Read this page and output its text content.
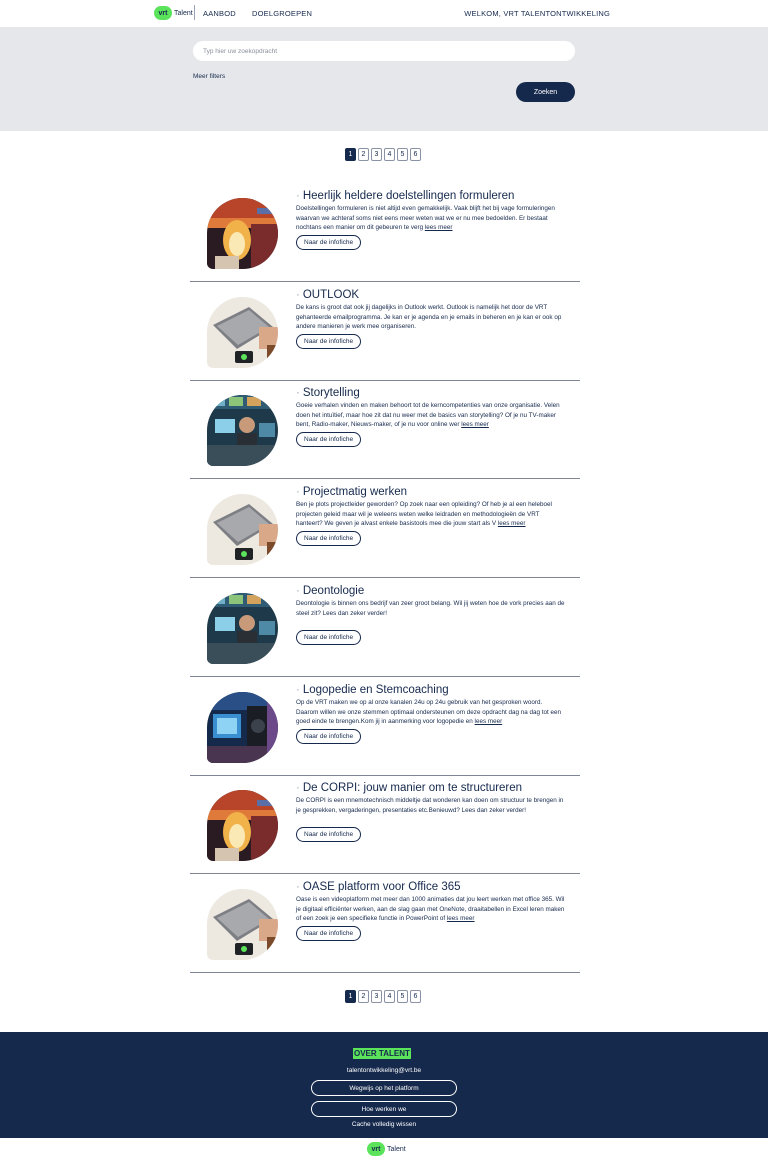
vrt Talent AANBOD DOELGROEPEN	WELKOM, VRT TALENTONTWIKKELING
Typ hier uw zoekopdracht
Meer filters
Zoeken
1	2	3	4	5	6
· Heerlijk heldere doelstellingen formuleren
Doelstellingen formuleren is niet altijd even gemakkelijk. Vaak blijft het bij vage formuleringen waarvan we achteraf soms niet eens meer weten wat we er nu mee bedoelden. Er bestaat nochtans een manier om dit gebeuren te verg lees meer
Naar de infofiche
· OUTLOOK
De kans is groot dat ook jij dagelijks in Outlook werkt. Outlook is namelijk het door de VRT gehanteerde emailprogramma. Je kan er je agenda en je emails in beheren en je kan er ook op andere manieren je werk mee organiseren.
Naar de infofiche
· Storytelling
Goeie verhalen vinden en maken behoort tot de kerncompetenties van onze organisatie. Velen doen het intuïtief, maar hoe zit dat nu weer met de basics van storytelling? Of je nu TV-maker bent, Radio-maker, Nieuws-maker, of je nu voor online wer lees meer
Naar de infofiche
· Projectmatig werken
Ben je plots projectleider geworden? Op zoek naar een opleiding? Of heb je al een heleboel projecten geleid maar wil je weleens weten welke leidraden en methodologieën de VRT hanteert? We geven je alvast enkele basistools mee die jouw start als V lees meer
Naar de infofiche
· Deontologie
Deontologie is binnen ons bedrijf van zeer groot belang. Wil jij weten hoe de vork precies aan de steel zit? Lees dan zeker verder!
Naar de infofiche
· Logopedie en Stemcoaching
Op de VRT maken we op al onze kanalen 24u op 24u gebruik van het gesproken woord. Daarom willen we onze stemmen optimaal ondersteunen om deze opdracht dag na dag tot een goed einde te brengen.Kom jij in aanmerking voor logopedie en lees meer
Naar de infofiche
· De CORPI: jouw manier om te structureren
De CORPI is een mnemotechnisch middeltje dat wonderen kan doen om structuur te brengen in je gesprekken, vergaderingen, presentaties etc.Benieuwd? Lees dan zeker verder!
Naar de infofiche
· OASE platform voor Office 365
Oase is een videoplatform met meer dan 1000 animaties dat jou leert werken met office 365. Wil je digitaal efficiënter werken, aan de slag gaan met OneNote, draaitabellen in Excel leren maken of een zoek je een specifieke functie in PowerPoint of lees meer
Naar de infofiche
1	2	3	4	5	6
OVER TALENT
talentontwikkeling@vrt.be
Wegwijs op het platform
Hoe werken we
Cache volledig wissen
vrt Talent
